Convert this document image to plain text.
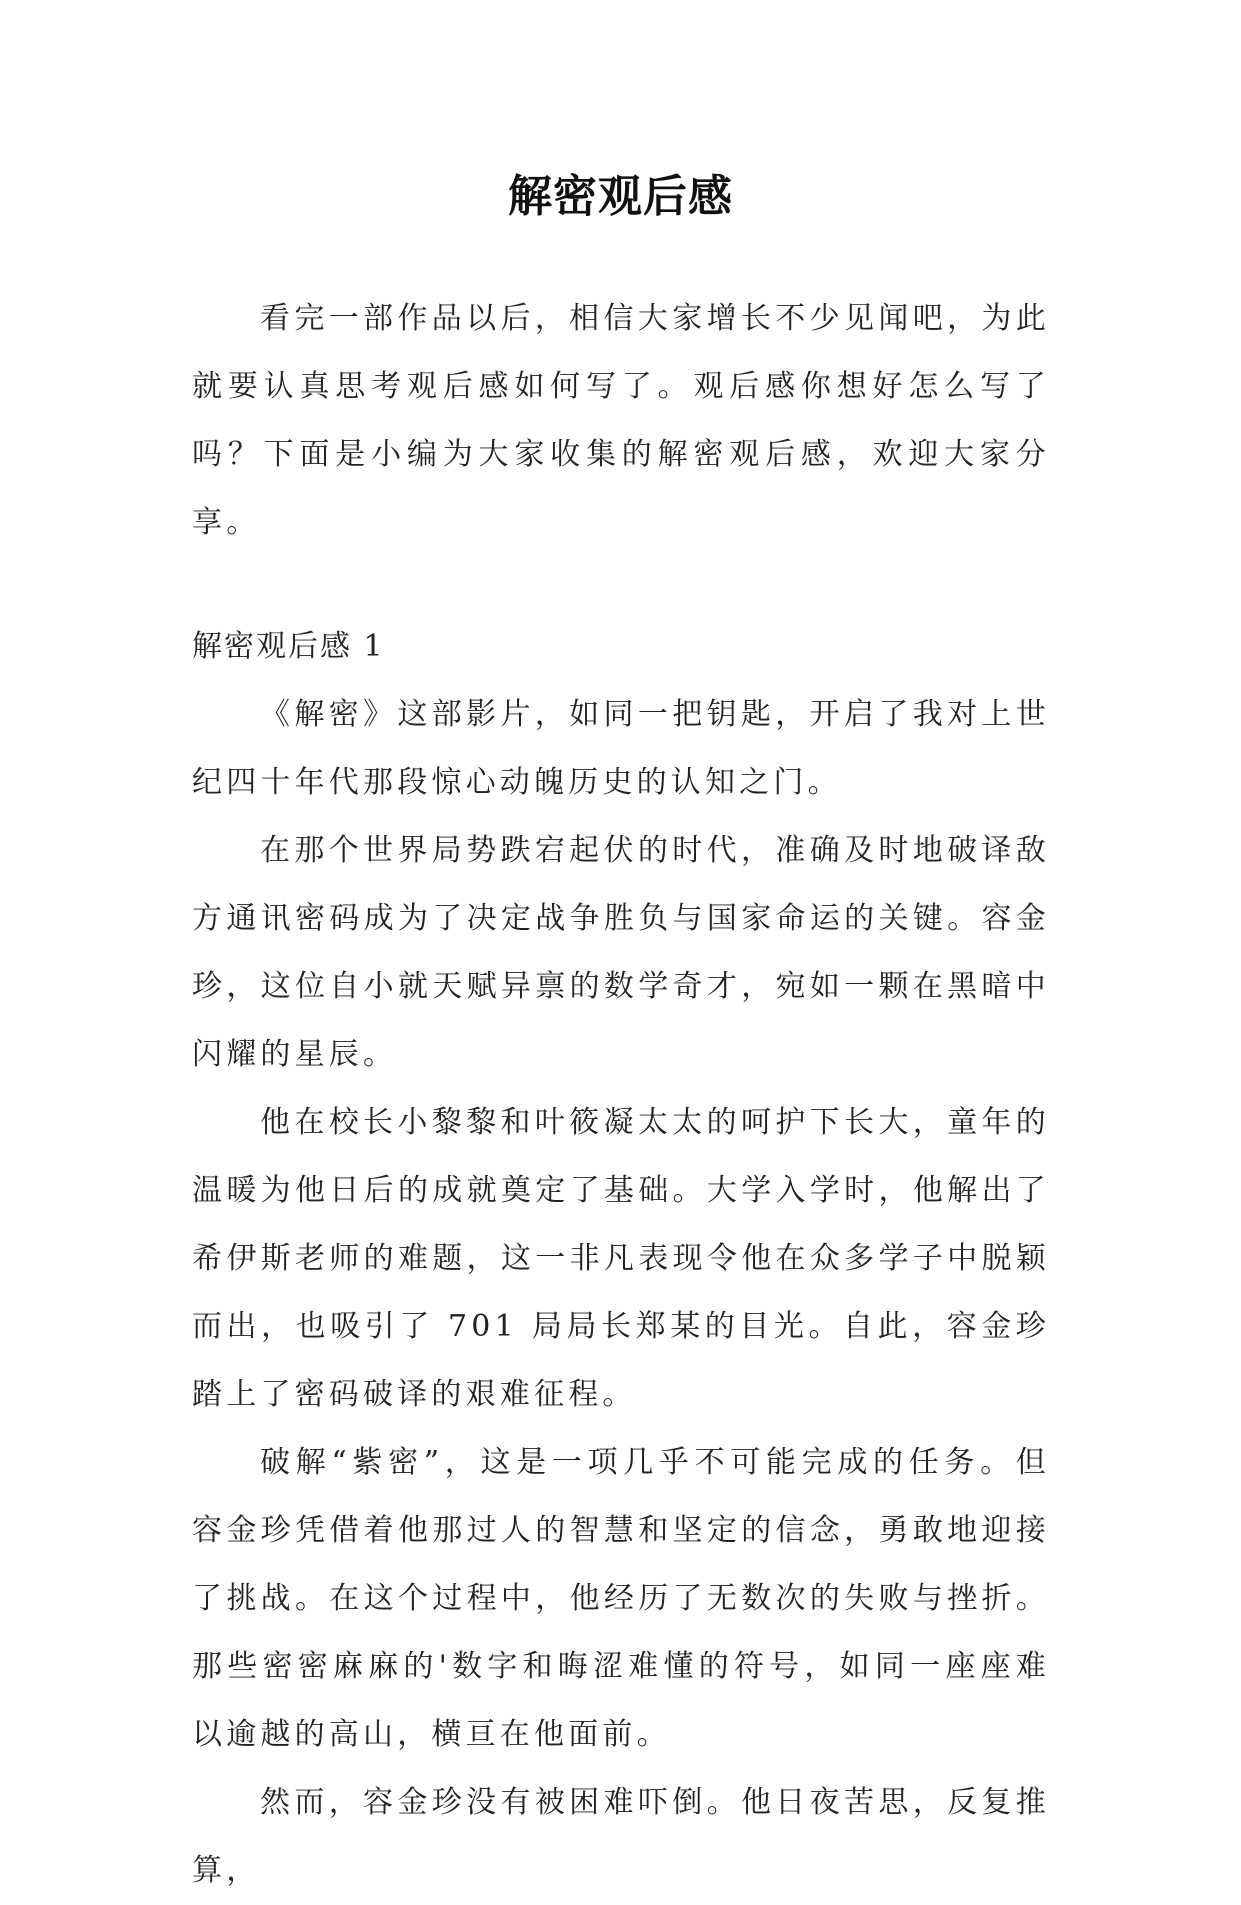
解密观后感

看完一部作品以后，相信大家增长不少见闻吧，为此就要认真思考观后感如何写了。观后感你想好怎么写了吗？下面是小编为大家收集的解密观后感，欢迎大家分享。

解密观后感 1

《解密》这部影片，如同一把钥匙，开启了我对上世纪四十年代那段惊心动魄历史的认知之门。

在那个世界局势跌宕起伏的时代，准确及时地破译敌方通讯密码成为了决定战争胜负与国家命运的关键。容金珍，这位自小就天赋异禀的数学奇才，宛如一颗在黑暗中闪耀的星辰。

他在校长小黎黎和叶筱凝太太的呵护下长大，童年的温暖为他日后的成就奠定了基础。大学入学时，他解出了希伊斯老师的难题，这一非凡表现令他在众多学子中脱颖而出，也吸引了 701 局局长郑某的目光。自此，容金珍踏上了密码破译的艰难征程。

破解“紫密”，这是一项几乎不可能完成的任务。但容金珍凭借着他那过人的智慧和坚定的信念，勇敢地迎接了挑战。在这个过程中，他经历了无数次的失败与挫折。那些密密麻麻的'数字和晦涩难懂的符号，如同一座座难以逾越的高山，横亘在他面前。

然而，容金珍没有被困难吓倒。他日夜苦思，反复推算，
